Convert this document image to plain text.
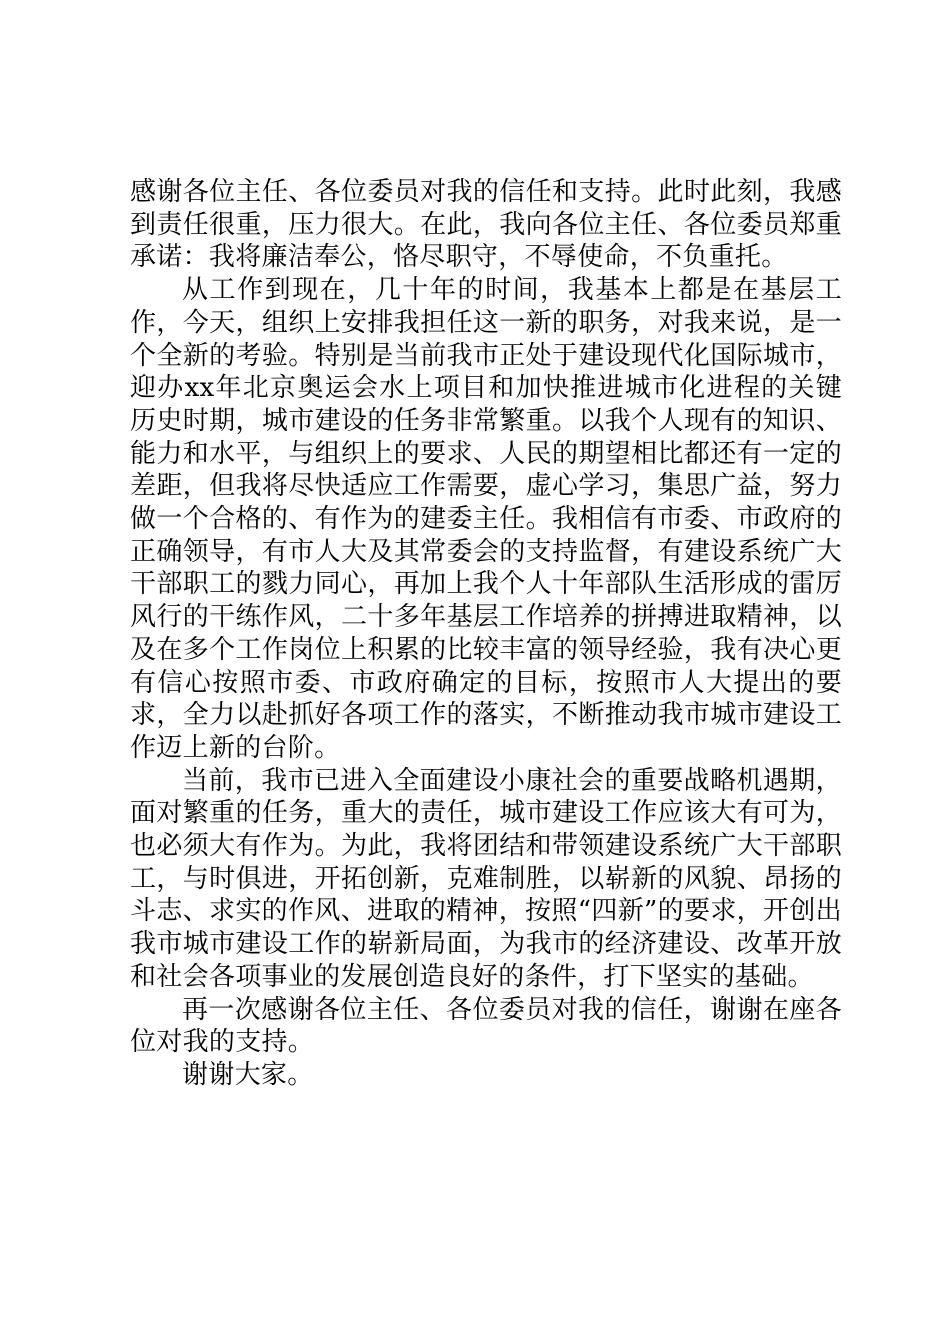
感谢各位主任、各位委员对我的信任和支持。此时此刻，我感到责任很重，压力很大。在此，我向各位主任、各位委员郑重承诺：我将廉洁奉公，恪尽职守，不辱使命，不负重托。

从工作到现在，几十年的时间，我基本上都是在基层工作，今天，组织上安排我担任这一新的职务，对我来说，是一个全新的考验。特别是当前我市正处于建设现代化国际城市，迎办xx年北京奥运会水上项目和加快推进城市化进程的关键历史时期，城市建设的任务非常繁重。以我个人现有的知识、能力和水平，与组织上的要求、人民的期望相比都还有一定的差距，但我将尽快适应工作需要，虚心学习，集思广益，努力做一个合格的、有作为的建委主任。我相信有市委、市政府的正确领导，有市人大及其常委会的支持监督，有建设系统广大干部职工的戮力同心，再加上我个人十年部队生活形成的雷厉风行的干练作风，二十多年基层工作培养的拼搏进取精神，以及在多个工作岗位上积累的比较丰富的领导经验，我有决心更有信心按照市委、市政府确定的目标，按照市人大提出的要求，全力以赴抓好各项工作的落实，不断推动我市城市建设工作迈上新的台阶。

当前，我市已进入全面建设小康社会的重要战略机遇期，面对繁重的任务，重大的责任，城市建设工作应该大有可为，也必须大有作为。为此，我将团结和带领建设系统广大干部职工，与时俱进，开拓创新，克难制胜，以崭新的风貌、昂扬的斗志、求实的作风、进取的精神，按照“四新”的要求，开创出我市城市建设工作的崭新局面，为我市的经济建设、改革开放和社会各项事业的发展创造良好的条件，打下坚实的基础。

再一次感谢各位主任、各位委员对我的信任，谢谢在座各位对我的支持。

谢谢大家。
